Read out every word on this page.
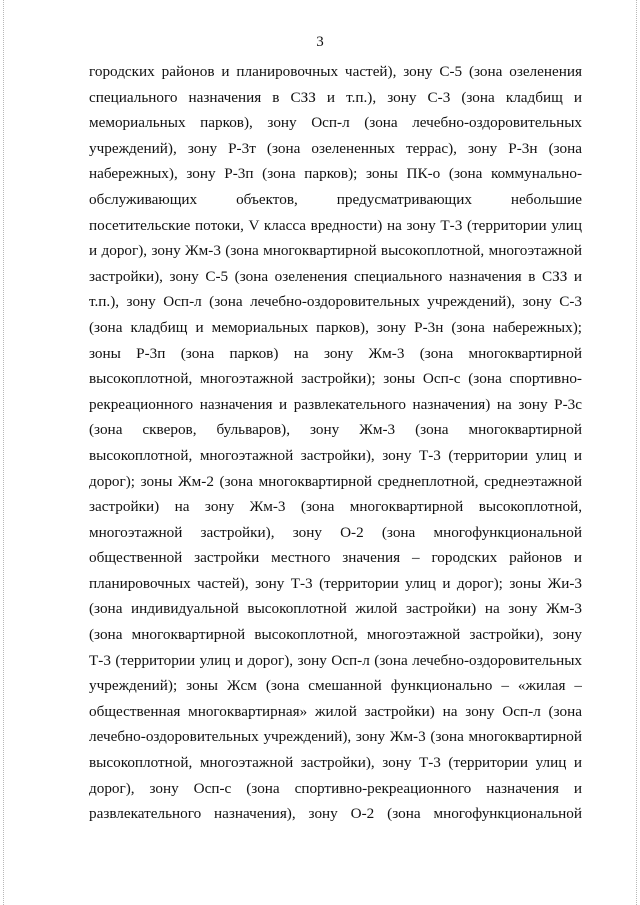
3
городских районов и планировочных частей), зону С-5 (зона озеленения
специального назначения в СЗЗ и т.п.), зону С-3 (зона кладбищ и
мемориальных парков), зону Осп-л (зона лечебно-оздоровительных
учреждений), зону Р-3т (зона озелененных террас), зону Р-3н (зона
набережных), зону Р-3п (зона парков); зоны ПК-о (зона коммунально-
обслуживающих объектов, предусматривающих небольшие
посетительские потоки, V класса вредности) на зону Т-3 (территории улиц
и дорог), зону Жм-3 (зона многоквартирной высокоплотной, многоэтажной
застройки), зону С-5 (зона озеленения специального назначения в СЗЗ и
т.п.), зону Осп-л (зона лечебно-оздоровительных учреждений), зону С-3
(зона кладбищ и мемориальных парков), зону Р-3н (зона набережных);
зоны Р-3п (зона парков) на зону Жм-3 (зона многоквартирной
высокоплотной, многоэтажной застройки); зоны Осп-с (зона спортивно-
рекреационного назначения и развлекательного назначения) на зону Р-3с
(зона скверов, бульваров), зону Жм-3 (зона многоквартирной
высокоплотной, многоэтажной застройки), зону Т-3 (территории улиц и
дорог); зоны Жм-2 (зона многоквартирной среднеплотной, среднеэтажной
застройки) на зону Жм-3 (зона многоквартирной высокоплотной,
многоэтажной застройки), зону О-2 (зона многофункциональной
общественной застройки местного значения – городских районов и
планировочных частей), зону Т-3 (территории улиц и дорог); зоны Жи-3
(зона индивидуальной высокоплотной жилой застройки) на зону Жм-3
(зона многоквартирной высокоплотной, многоэтажной застройки), зону
Т-3 (территории улиц и дорог), зону Осп-л (зона лечебно-оздоровительных
учреждений); зоны Жсм (зона смешанной функционально – «жилая –
общественная многоквартирная» жилой застройки) на зону Осп-л (зона
лечебно-оздоровительных учреждений), зону Жм-3 (зона многоквартирной
высокоплотной, многоэтажной застройки), зону Т-3 (территории улиц и
дорог), зону Осп-с (зона спортивно-рекреационного назначения и
развлекательного назначения), зону О-2 (зона многофункциональной
